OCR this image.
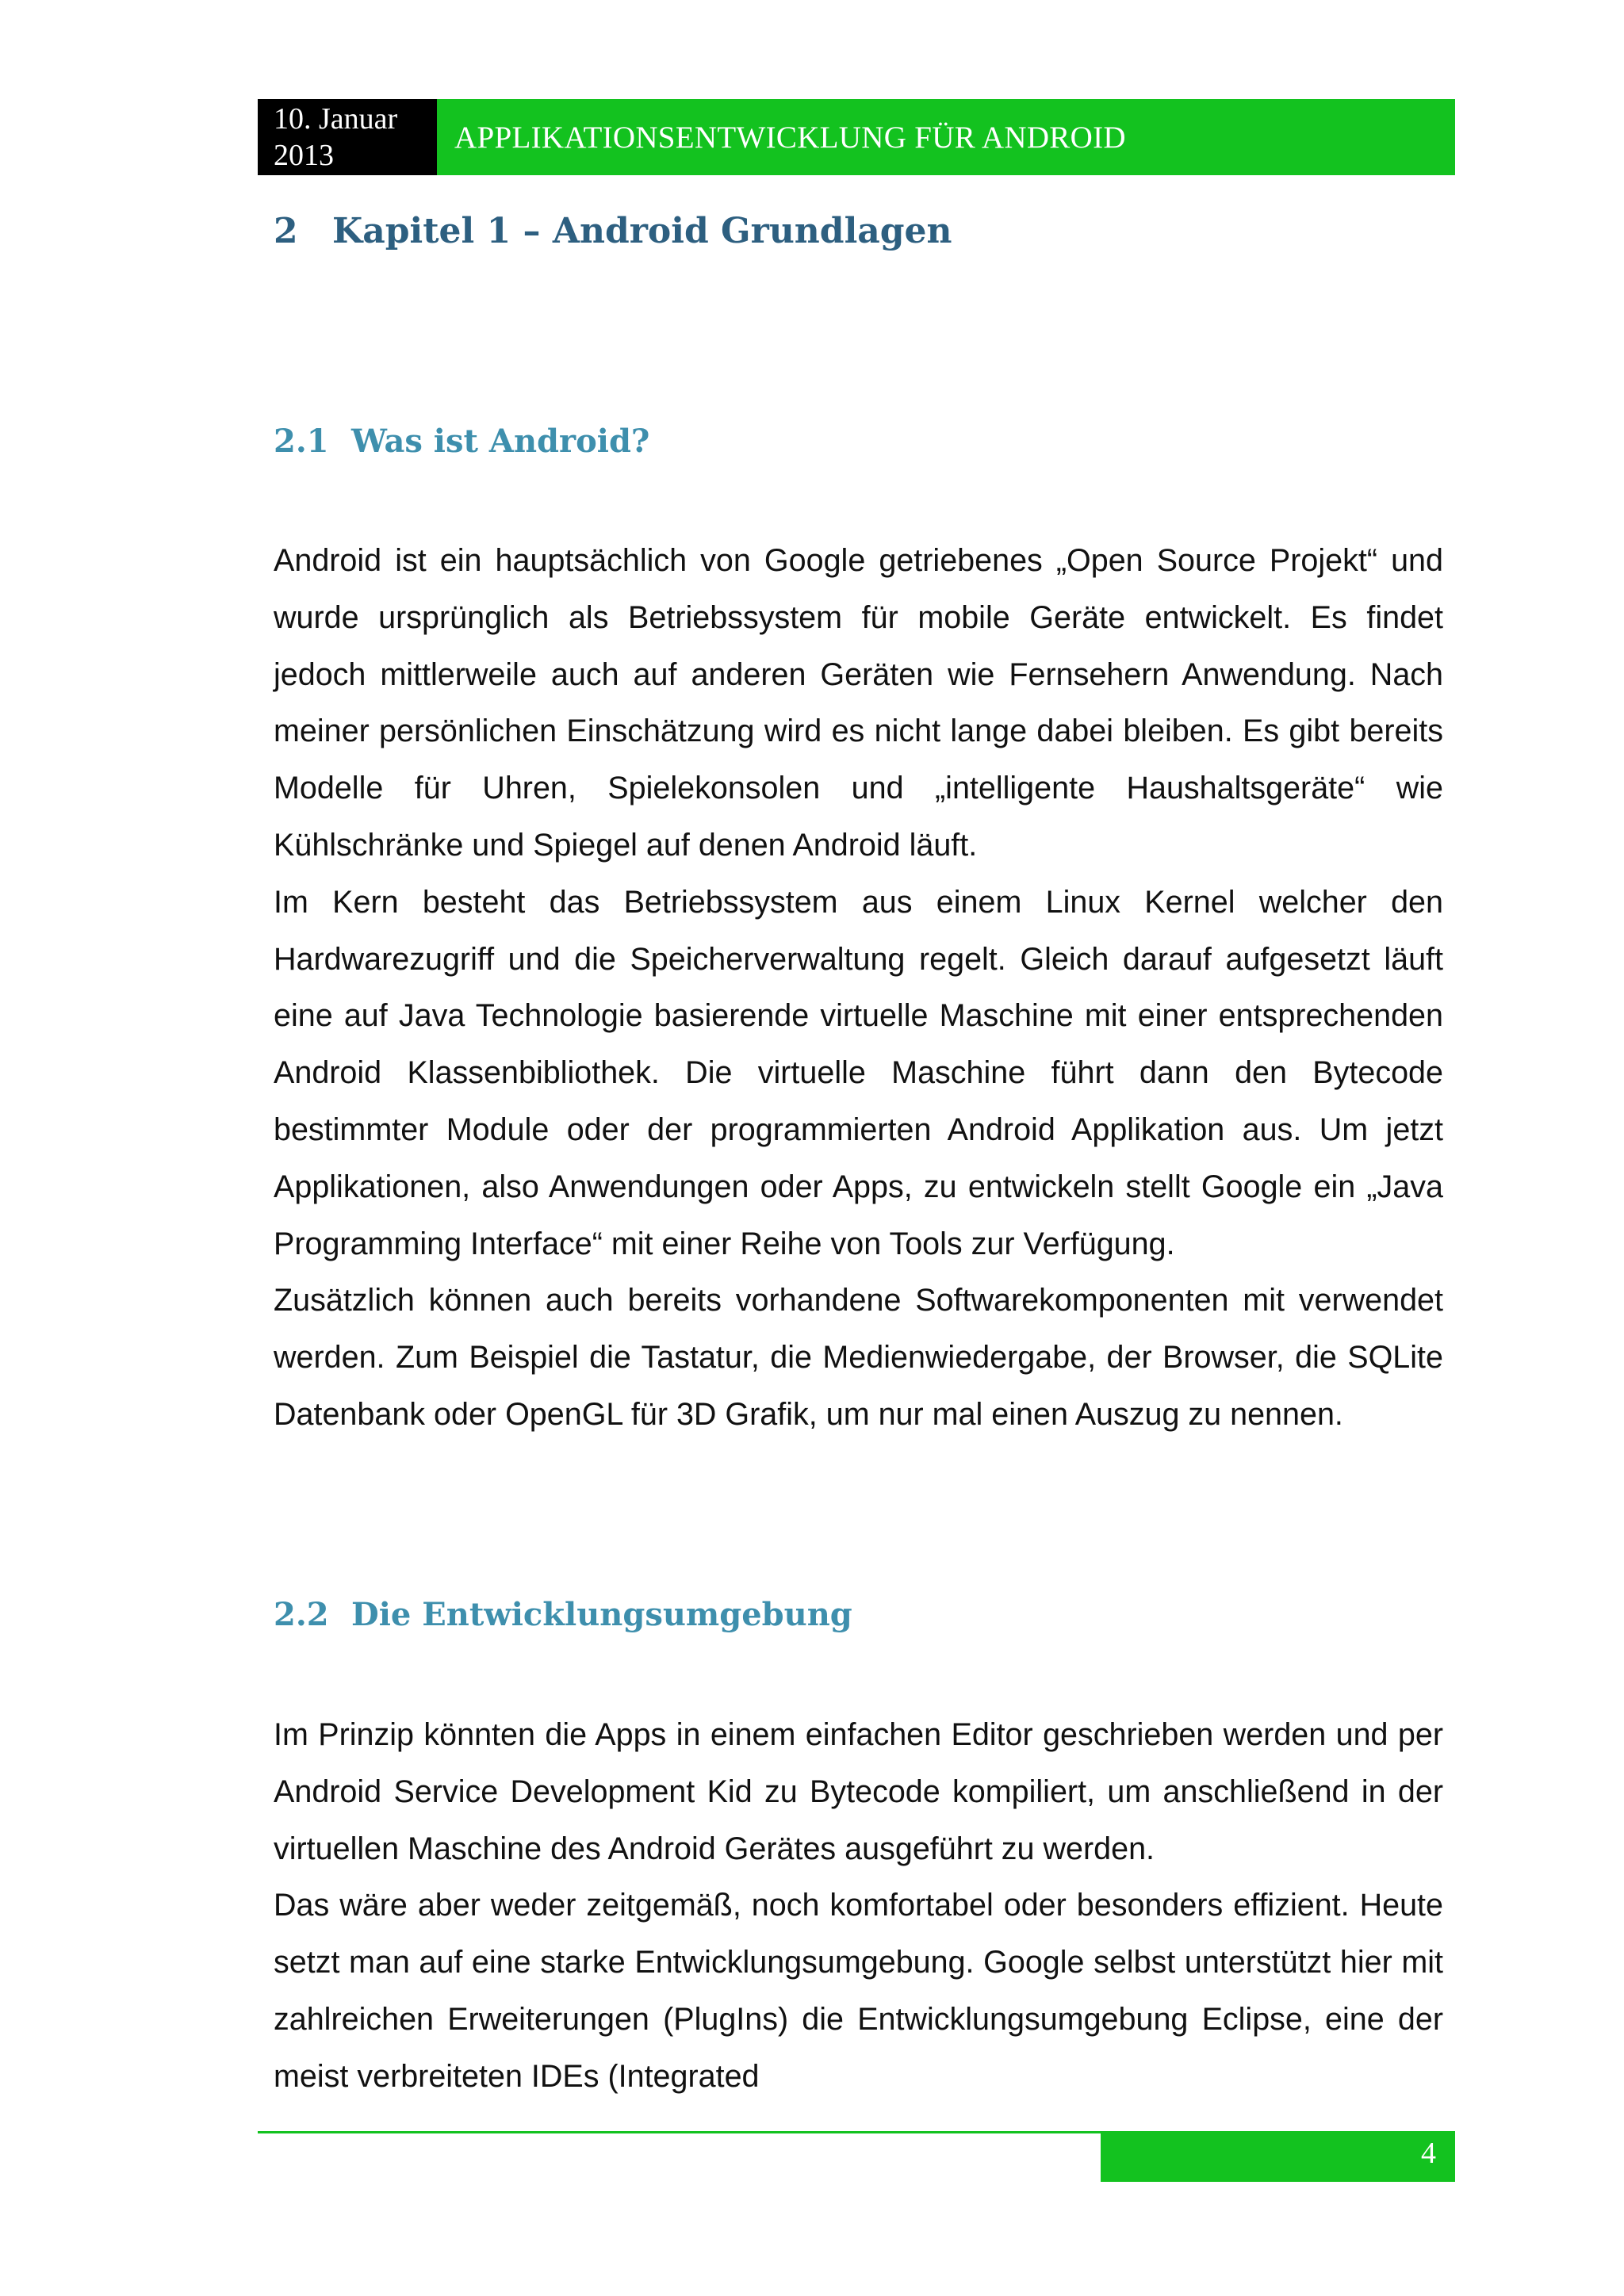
10. Januar
2013
APPLIKATIONSENTWICKLUNG FÜR ANDROID
2 Kapitel 1 – Android Grundlagen
2.1 Was ist Android?

Android ist ein hauptsächlich von Google getriebenes „Open Source Projekt“ und wurde ursprünglich als Betriebssystem für mobile Geräte entwickelt. Es findet jedoch mittlerweile auch auf anderen Geräten wie Fernsehern Anwendung. Nach meiner persönlichen Einschätzung wird es nicht lange dabei bleiben. Es gibt bereits Modelle für Uhren, Spielekonsolen und „intelligente Haushaltsgeräte“ wie Kühlschränke und Spiegel auf denen Android läuft.

Im Kern besteht das Betriebssystem aus einem Linux Kernel welcher den Hardwarezugriff und die Speicherverwaltung regelt. Gleich darauf aufgesetzt läuft eine auf Java Technologie basierende virtuelle Maschine mit einer entsprechenden Android Klassenbibliothek. Die virtuelle Maschine führt dann den Bytecode bestimmter Module oder der programmierten Android Applikation aus. Um jetzt Applikationen, also Anwendungen oder Apps, zu entwickeln stellt Google ein „Java Programming Interface“ mit einer Reihe von Tools zur Verfügung.

Zusätzlich können auch bereits vorhandene Softwarekomponenten mit verwendet werden. Zum Beispiel die Tastatur, die Medienwiedergabe, der Browser, die SQLite Datenbank oder OpenGL für 3D Grafik, um nur mal einen Auszug zu nennen.

2.2 Die Entwicklungsumgebung

Im Prinzip könnten die Apps in einem einfachen Editor geschrieben werden und per Android Service Development Kid zu Bytecode kompiliert, um anschließend in der virtuellen Maschine des Android Gerätes ausgeführt zu werden.

Das wäre aber weder zeitgemäß, noch komfortabel oder besonders effizient. Heute setzt man auf eine starke Entwicklungsumgebung. Google selbst unterstützt hier mit zahlreichen Erweiterungen (PlugIns) die Entwicklungsumgebung Eclipse, eine der meist verbreiteten IDEs (Integrated

4
